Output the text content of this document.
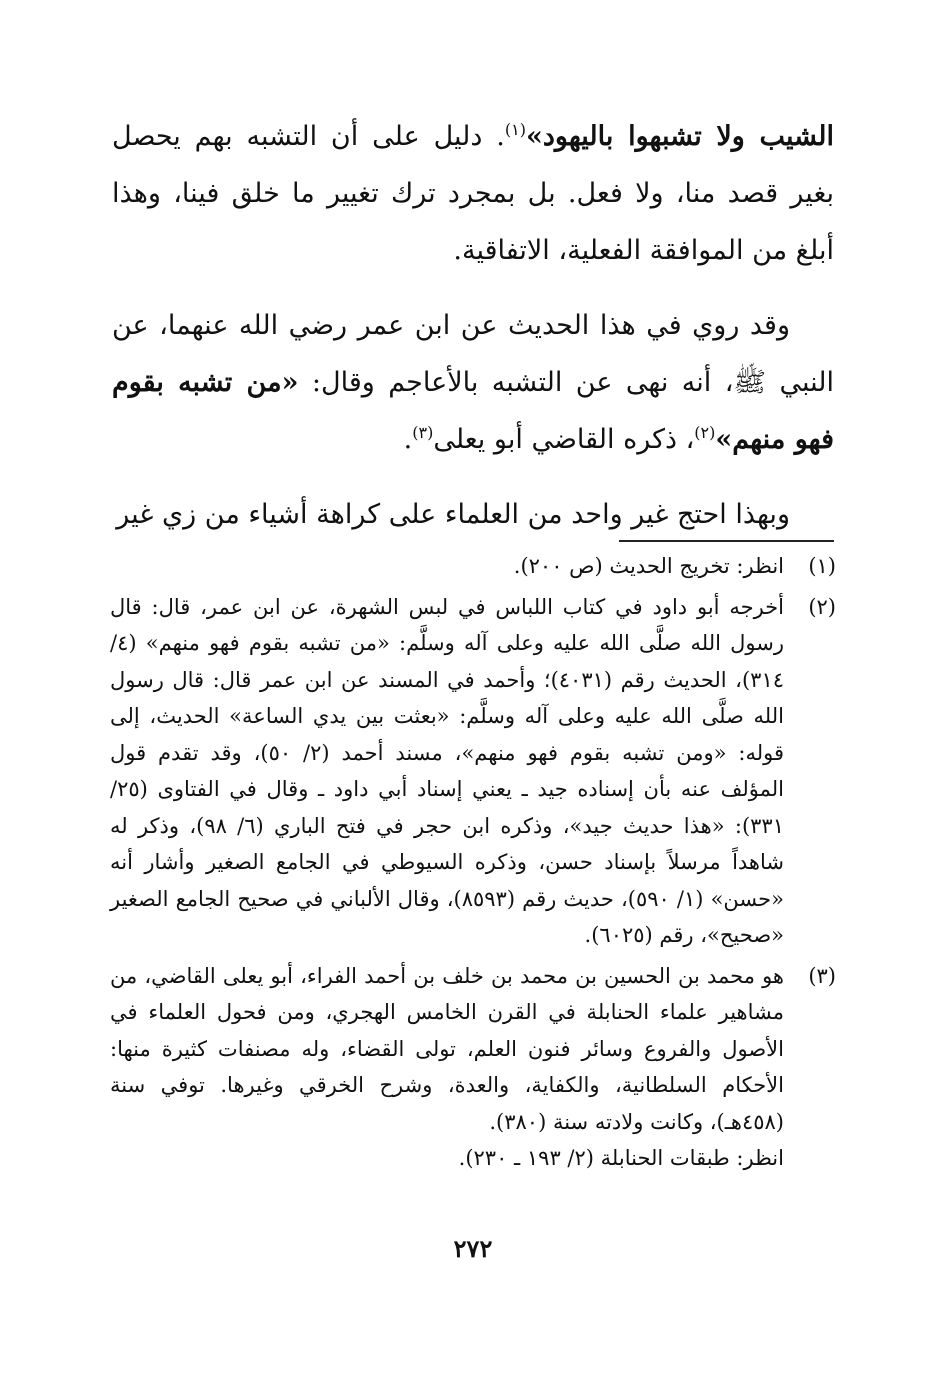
الشيب ولا تشبهوا باليهود»$^{(١)}$. دليل على أن التشبه بهم يحصل بغير قصد منا، ولا فعل. بل بمجرد ترك تغيير ما خلق فينا، وهذا أبلغ من الموافقة الفعلية، الاتفاقية.

وقد روي في هذا الحديث عن ابن عمر رضي الله عنهما، عن النبي ﷺ، أنه نهى عن التشبه بالأعاجم وقال: «من تشبه بقوم فهو منهم»$^{(٢)}$، ذكره القاضي أبو يعلى$^{(٣)}$.

وبهذا احتج غير واحد من العلماء على كراهة أشياء من زي غير

(١)
انظر: تخريج الحديث (ص ٢٠٠).
(٢)
أخرجه أبو داود في كتاب اللباس في لبس الشهرة، عن ابن عمر، قال: قال رسول الله صلَّى الله عليه وعلى آله وسلَّم: «من تشبه بقوم فهو منهم» (٤/ ٣١٤)، الحديث رقم (٤٠٣١)؛ وأحمد في المسند عن ابن عمر قال: قال رسول الله صلَّى الله عليه وعلى آله وسلَّم: «بعثت بين يدي الساعة» الحديث، إلى قوله: «ومن تشبه بقوم فهو منهم»، مسند أحمد (٢/ ٥٠)، وقد تقدم قول المؤلف عنه بأن إسناده جيد ـ يعني إسناد أبي داود ـ وقال في الفتاوى (٢٥/ ٣٣١): «هذا حديث جيد»، وذكره ابن حجر في فتح الباري (٦/ ٩٨)، وذكر له شاهداً مرسلاً بإسناد حسن، وذكره السيوطي في الجامع الصغير وأشار أنه «حسن» (١/ ٥٩٠)، حديث رقم (٨٥٩٣)، وقال الألباني في صحيح الجامع الصغير «صحيح»، رقم (٦٠٢٥).
(٣)
هو محمد بن الحسين بن محمد بن خلف بن أحمد الفراء، أبو يعلى القاضي، من مشاهير علماء الحنابلة في القرن الخامس الهجري، ومن فحول العلماء في الأصول والفروع وسائر فنون العلم، تولى القضاء، وله مصنفات كثيرة منها: الأحكام السلطانية، والكفاية، والعدة، وشرح الخرقي وغيرها. توفي سنة (٤٥٨هـ)، وكانت ولادته سنة (٣٨٠).
انظر: طبقات الحنابلة (٢/ ١٩٣ ـ ٢٣٠).
٢٧٢
